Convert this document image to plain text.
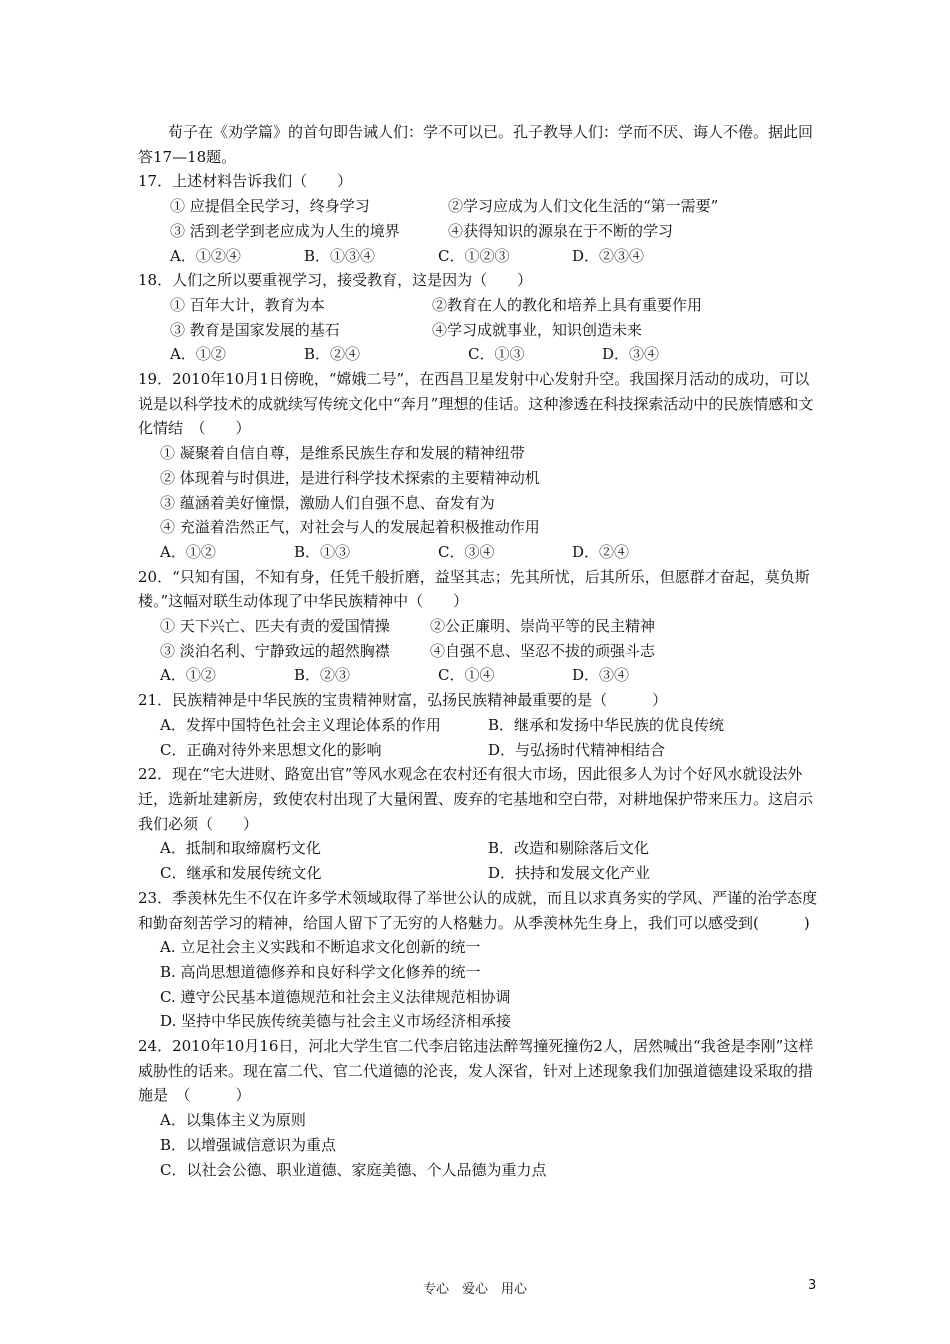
荀子在《劝学篇》的首句即告诫人们：学不可以已。孔子教导人们：学而不厌、诲人不倦。据此回答17—18题。

17．上述材料告诉我们（　　）

① 应提倡全民学习，终身学习	②学习应成为人们文化生活的“第一需要”
③ 活到老学到老应成为人生的境界	④获得知识的源泉在于不断的学习
A．①②④	B．①③④	C．①②③	D．②③④

18．人们之所以要重视学习，接受教育，这是因为（　　）

① 百年大计，教育为本	②教育在人的教化和培养上具有重要作用
③ 教育是国家发展的基石	④学习成就事业，知识创造未来
A．①②	B．②④	C．①③	D．③④

19．2010年10月1日傍晚，“嫦娥二号”，在西昌卫星发射中心发射升空。我国探月活动的成功，可以说是以科学技术的成就续写传统文化中“奔月”理想的佳话。这种渗透在科技探索活动中的民族情感和文化情结　（　　）

① 凝聚着自信自尊，是维系民族生存和发展的精神纽带

② 体现着与时俱进，是进行科学技术探索的主要精神动机

③ 蕴涵着美好憧憬，激励人们自强不息、奋发有为

④ 充溢着浩然正气，对社会与人的发展起着积极推动作用

A．①②	B．①③	C．③④	D．②④

20．“只知有国，不知有身，任凭千般折磨，益坚其志；先其所忧，后其所乐，但愿群才奋起，莫负斯楼。”这幅对联生动体现了中华民族精神中（　　）

① 天下兴亡、匹夫有责的爱国情操	②公正廉明、崇尚平等的民主精神
③ 淡泊名利、宁静致远的超然胸襟	④自强不息、坚忍不拔的顽强斗志
A．①②	B．②③	C．①④	D．③④

21．民族精神是中华民族的宝贵精神财富，弘扬民族精神最重要的是（　　　）

A．发挥中国特色社会主义理论体系的作用	B．继承和发扬中华民族的优良传统
C．正确对待外来思想文化的影响	D．与弘扬时代精神相结合

22．现在“宅大进财、路宽出官”等风水观念在农村还有很大市场，因此很多人为讨个好风水就设法外迁，选新址建新房，致使农村出现了大量闲置、废弃的宅基地和空白带，对耕地保护带来压力。这启示我们必须（　　）

A．抵制和取缔腐朽文化	B．改造和剔除落后文化
C．继承和发展传统文化	D．扶持和发展文化产业

23．季羡林先生不仅在许多学术领域取得了举世公认的成就，而且以求真务实的学风、严谨的治学态度和勤奋刻苦学习的精神，给国人留下了无穷的人格魅力。从季羡林先生身上，我们可以感受到(　　　)

A. 立足社会主义实践和不断追求文化创新的统一

B. 高尚思想道德修养和良好科学文化修养的统一

C. 遵守公民基本道德规范和社会主义法律规范相协调

D. 坚持中华民族传统美德与社会主义市场经济相承接

24．2010年10月16日，河北大学生官二代李启铭违法醉驾撞死撞伤2人，居然喊出“我爸是李刚”这样威胁性的话来。现在富二代、官二代道德的沦丧，发人深省，针对上述现象我们加强道德建设采取的措施是　（　　　）

A．以集体主义为原则

B．以增强诚信意识为重点

C．以社会公德、职业道德、家庭美德、个人品德为重力点

专心　爱心　用心	3
